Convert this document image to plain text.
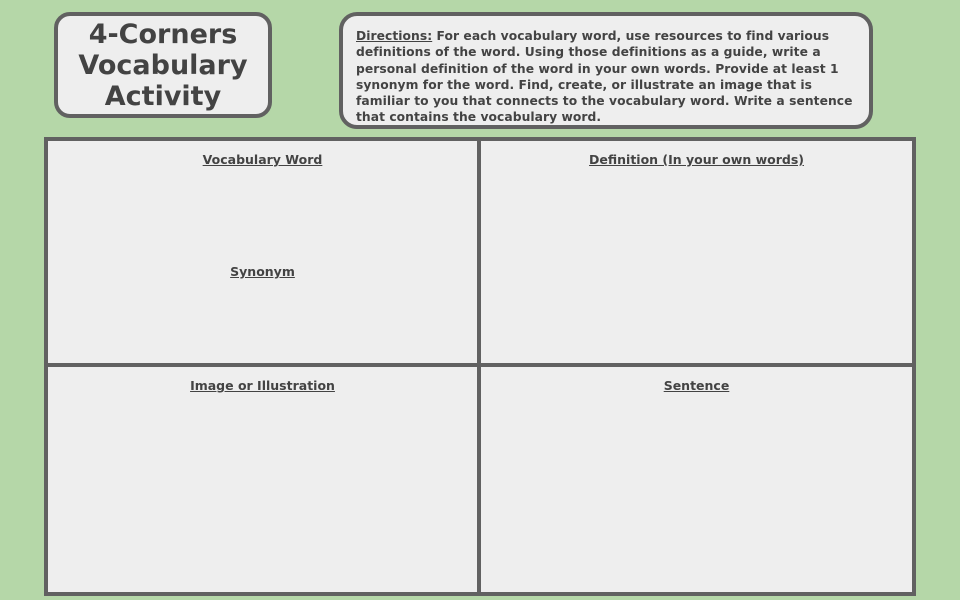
4-Corners
Vocabulary
Activity
Directions: For each vocabulary word, use resources to find various definitions of the word. Using those definitions as a guide, write a personal definition of the word in your own words. Provide at least 1 synonym for the word. Find, create, or illustrate an image that is familiar to you that connects to the vocabulary word. Write a sentence that contains the vocabulary word.
Vocabulary Word
Synonym
Definition (In your own words)
Image or Illustration	Sentence
